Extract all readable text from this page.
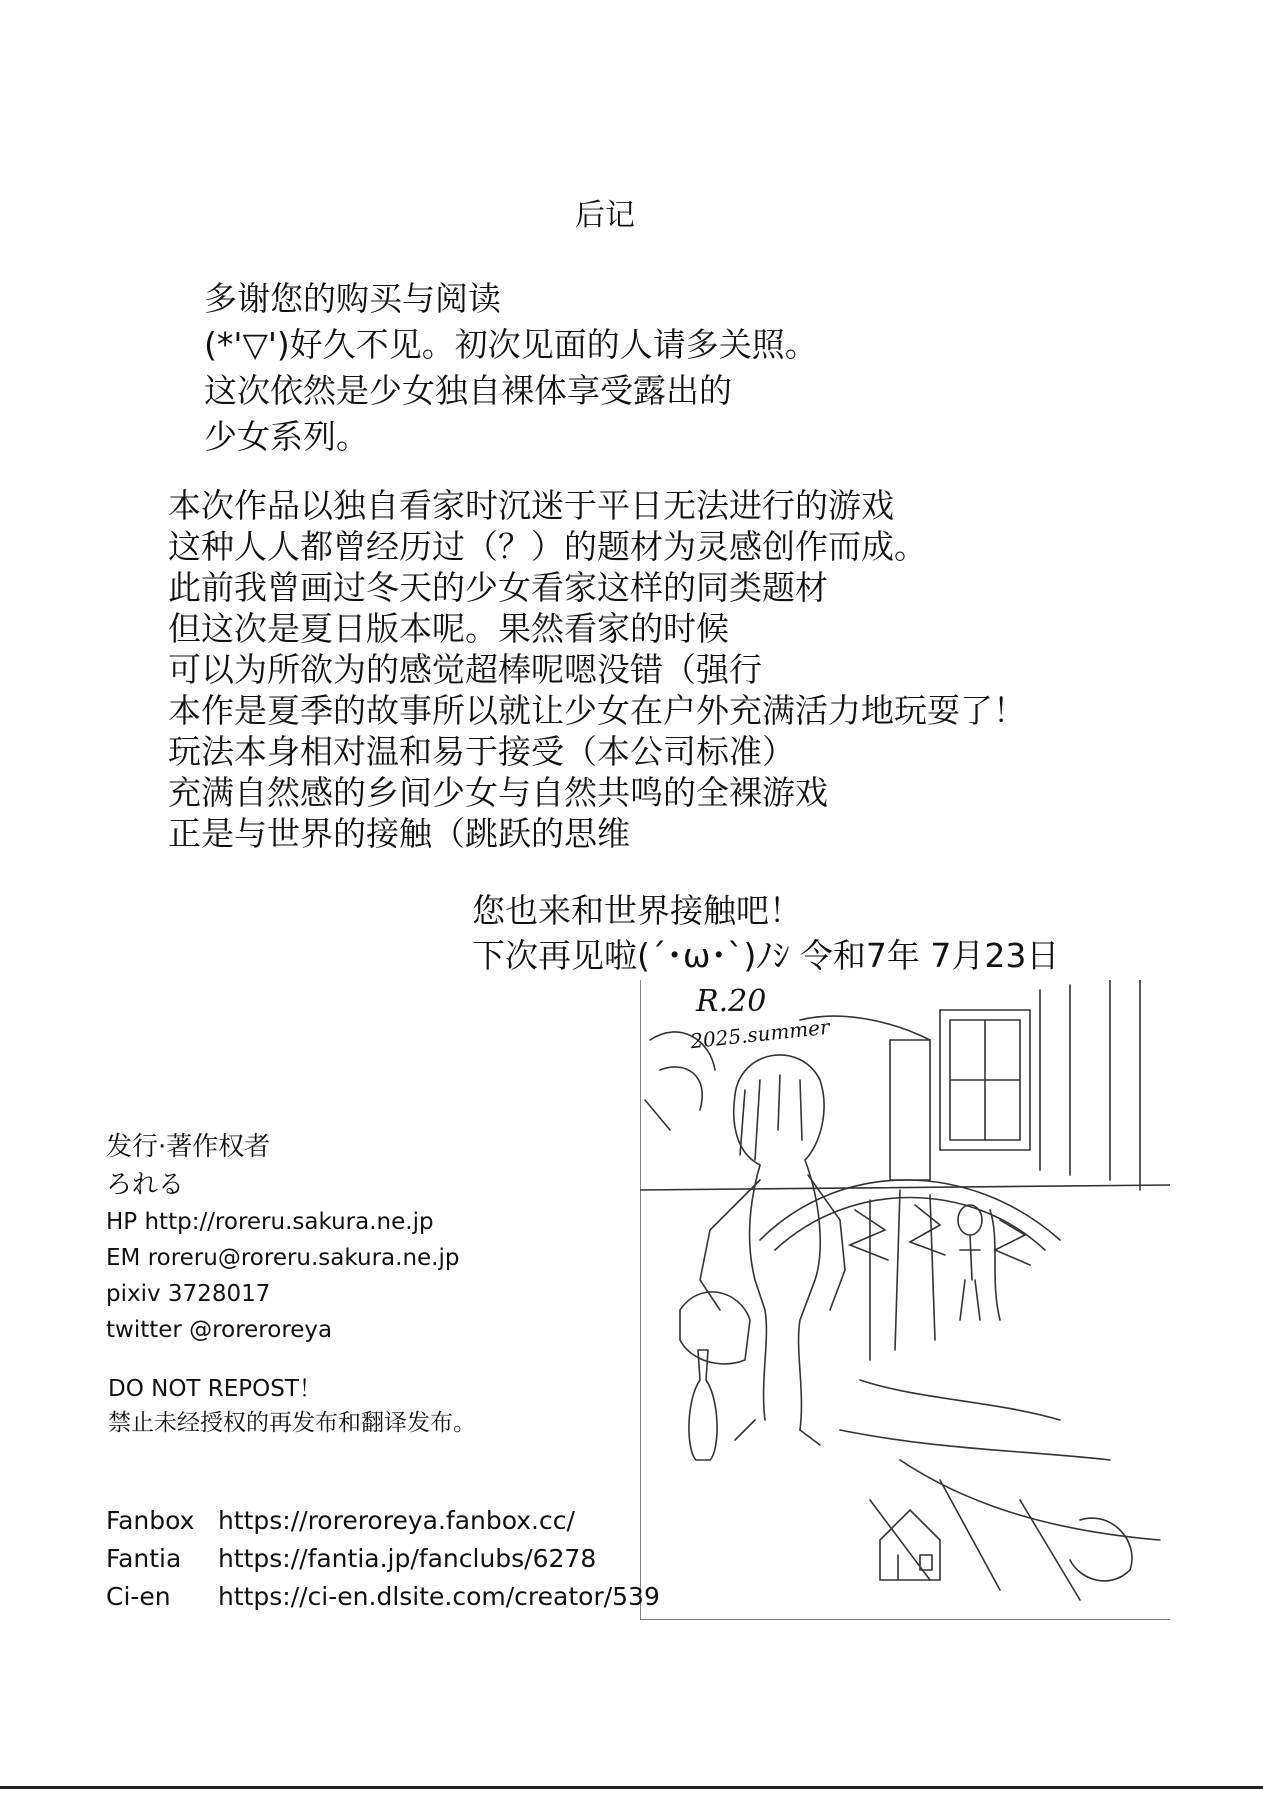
后记
多谢您的购买与阅读
(*'▽')好久不见。初次见面的人请多关照。
这次依然是少女独自裸体享受露出的
少女系列。
本次作品以独自看家时沉迷于平日无法进行的游戏
这种人人都曾经历过（？）的题材为灵感创作而成。
此前我曾画过冬天的少女看家这样的同类题材
但这次是夏日版本呢。果然看家的时候
可以为所欲为的感觉超棒呢嗯没错（强行
本作是夏季的故事所以就让少女在户外充满活力地玩耍了！
玩法本身相对温和易于接受（本公司标准）
充满自然感的乡间少女与自然共鸣的全裸游戏
正是与世界的接触（跳跃的思维
您也来和世界接触吧！
下次再见啦(´･ω･`)ﾉｼ 令和7年 7月23日
R.20
2025.summer
发行·著作权者
ろれる
HP http://roreru.sakura.ne.jp
EM roreru@roreru.sakura.ne.jp
pixiv 3728017
twitter @roreroreya
DO NOT REPOST！
禁止未经授权的再发布和翻译发布。
Fanbox https://roreroreya.fanbox.cc/
Fantia https://fantia.jp/fanclubs/6278
Ci-en https://ci-en.dlsite.com/creator/539
